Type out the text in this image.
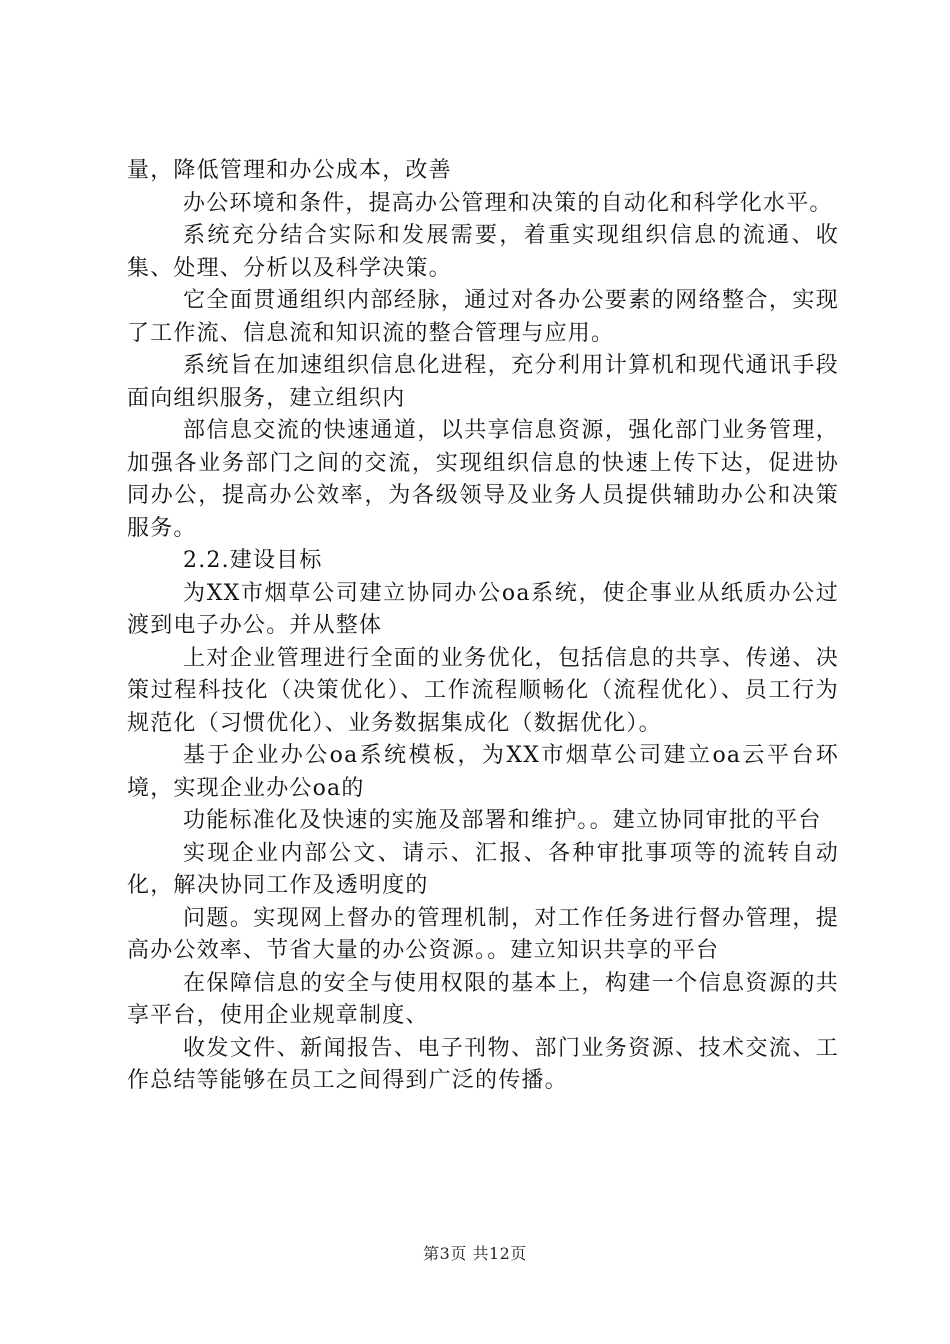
量，降低管理和办公成本，改善

办公环境和条件，提高办公管理和决策的自动化和科学化水平。

系统充分结合实际和发展需要，着重实现组织信息的流通、收集、处理、分析以及科学决策。

它全面贯通组织内部经脉，通过对各办公要素的网络整合，实现了工作流、信息流和知识流的整合管理与应用。

系统旨在加速组织信息化进程，充分利用计算机和现代通讯手段面向组织服务，建立组织内

部信息交流的快速通道，以共享信息资源，强化部门业务管理，加强各业务部门之间的交流，实现组织信息的快速上传下达，促进协同办公，提高办公效率，为各级领导及业务人员提供辅助办公和决策服务。

2.2.建设目标

为XX市烟草公司建立协同办公oa系统，使企事业从纸质办公过渡到电子办公。并从整体

上对企业管理进行全面的业务优化，包括信息的共享、传递、决策过程科技化（决策优化）、工作流程顺畅化（流程优化）、员工行为规范化（习惯优化）、业务数据集成化（数据优化）。

基于企业办公oa系统模板，为XX市烟草公司建立oa云平台环境，实现企业办公oa的

功能标准化及快速的实施及部署和维护。。建立协同审批的平台

实现企业内部公文、请示、汇报、各种审批事项等的流转自动化，解决协同工作及透明度的

问题。实现网上督办的管理机制，对工作任务进行督办管理，提高办公效率、节省大量的办公资源。。建立知识共享的平台

在保障信息的安全与使用权限的基本上，构建一个信息资源的共享平台，使用企业规章制度、

收发文件、新闻报告、电子刊物、部门业务资源、技术交流、工作总结等能够在员工之间得到广泛的传播。

第3页 共12页
